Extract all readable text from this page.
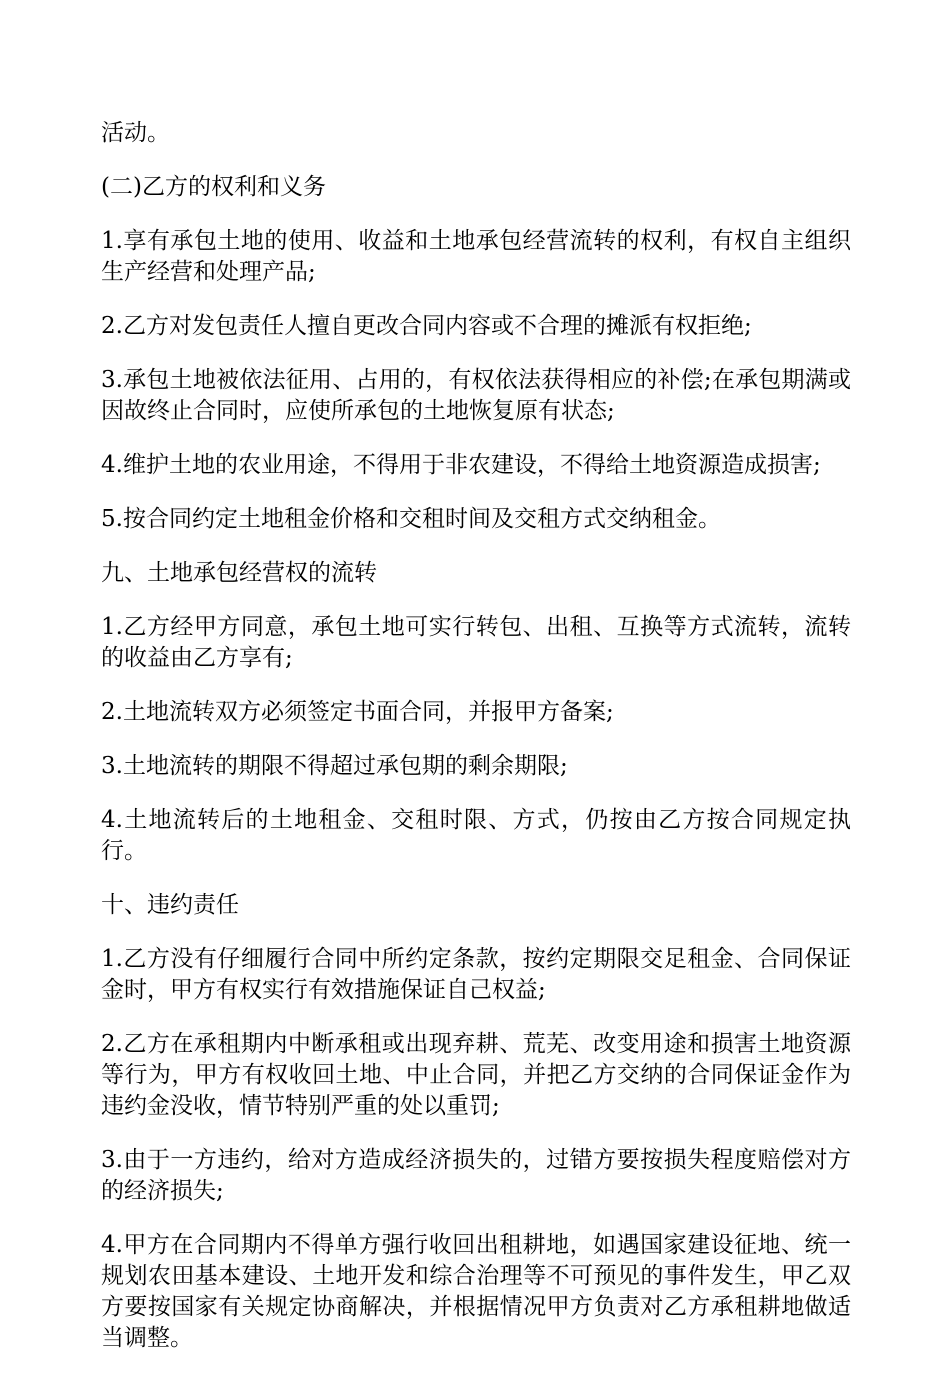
活动。

(二)乙方的权利和义务

1.享有承包土地的使用、收益和土地承包经营流转的权利，有权自主组织生产经营和处理产品;

2.乙方对发包责任人擅自更改合同内容或不合理的摊派有权拒绝;

3.承包土地被依法征用、占用的，有权依法获得相应的补偿;在承包期满或因故终止合同时，应使所承包的土地恢复原有状态;

4.维护土地的农业用途，不得用于非农建设，不得给土地资源造成损害;

5.按合同约定土地租金价格和交租时间及交租方式交纳租金。

九、土地承包经营权的流转

1.乙方经甲方同意，承包土地可实行转包、出租、互换等方式流转，流转的收益由乙方享有;

2.土地流转双方必须签定书面合同，并报甲方备案;

3.土地流转的期限不得超过承包期的剩余期限;

4.土地流转后的土地租金、交租时限、方式，仍按由乙方按合同规定执行。

十、违约责任

1.乙方没有仔细履行合同中所约定条款，按约定期限交足租金、合同保证金时，甲方有权实行有效措施保证自己权益;

2.乙方在承租期内中断承租或出现弃耕、荒芜、改变用途和损害土地资源等行为，甲方有权收回土地、中止合同，并把乙方交纳的合同保证金作为违约金没收，情节特别严重的处以重罚;

3.由于一方违约，给对方造成经济损失的，过错方要按损失程度赔偿对方的经济损失;

4.甲方在合同期内不得单方强行收回出租耕地，如遇国家建设征地、统一规划农田基本建设、土地开发和综合治理等不可预见的事件发生，甲乙双方要按国家有关规定协商解决，并根据情况甲方负责对乙方承租耕地做适当调整。
